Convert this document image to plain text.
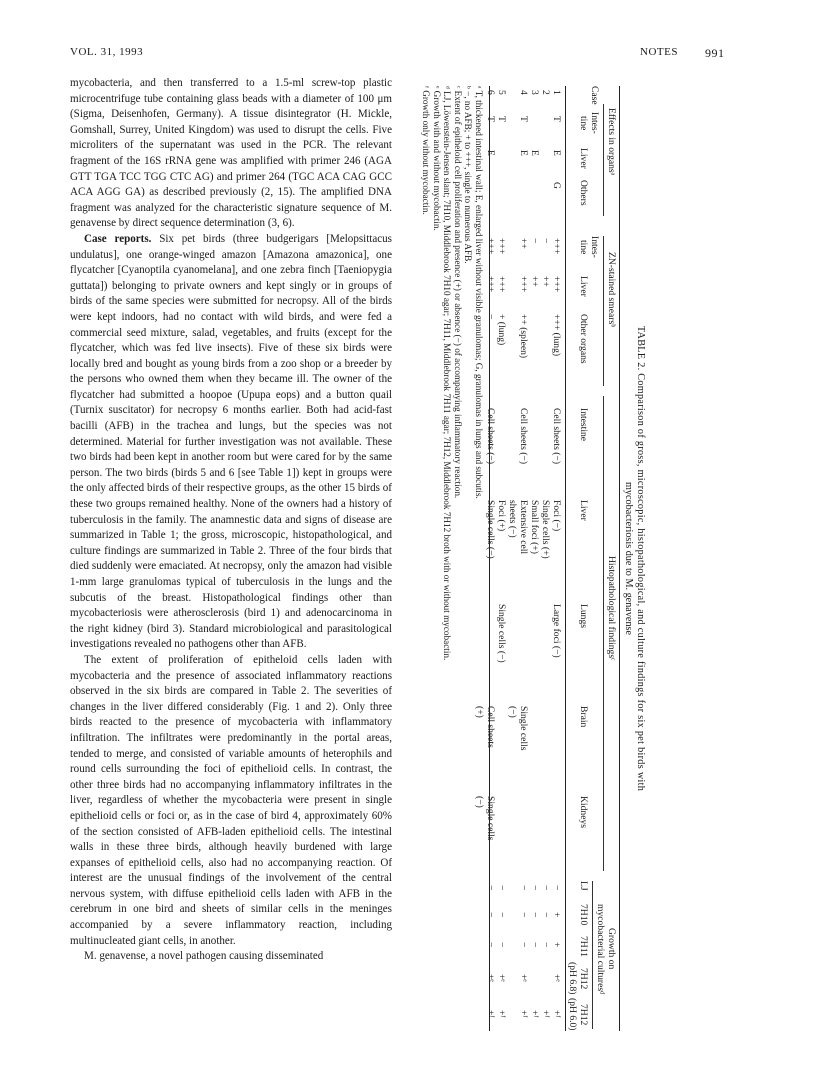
VOL. 31, 1993	NOTES 991

mycobacteria, and then transferred to a 1.5-ml screw-top plastic microcentrifuge tube containing glass beads with a diameter of 100 μm (Sigma, Deisenhofen, Germany). A tissue disintegrator (H. Mickle, Gomshall, Surrey, United Kingdom) was used to disrupt the cells. Five microliters of the supernatant was used in the PCR. The relevant fragment of the 16S rRNA gene was amplified with primer 246 (AGA GTT TGA TCC TGG CTC AG) and primer 264 (TGC ACA CAG GCC ACA AGG GA) as described previously (2, 15). The amplified DNA fragment was analyzed for the characteristic signature sequence of M. genavense by direct sequence determination (3, 6).

Case reports. Six pet birds (three budgerigars [Melopsittacus undulatus], one orange-winged amazon [Amazona amazonica], one flycatcher [Cyanoptila cyanomelana], and one zebra finch [Taeniopygia guttata]) belonging to private owners and kept singly or in groups of birds of the same species were submitted for necropsy. All of the birds were kept indoors, had no contact with wild birds, and were fed a commercial seed mixture, salad, vegetables, and fruits (except for the flycatcher, which was fed live insects). Five of these six birds were locally bred and bought as young birds from a zoo shop or a breeder by the persons who owned them when they became ill. The owner of the flycatcher had submitted a hoopoe (Upupa eops) and a button quail (Turnix suscitator) for necropsy 6 months earlier. Both had acid-fast bacilli (AFB) in the trachea and lungs, but the species was not determined. Material for further investigation was not available. These two birds had been kept in another room but were cared for by the same person. The two birds (birds 5 and 6 [see Table 1]) kept in groups were the only affected birds of their respective groups, as the other 15 birds of these two groups remained healthy. None of the owners had a history of tuberculosis in the family. The anamnestic data and signs of disease are summarized in Table 1; the gross, microscopic, histopathological, and culture findings are summarized in Table 2. Three of the four birds that died suddenly were emaciated. At necropsy, only the amazon had visible 1-mm large granulomas typical of tuberculosis in the lungs and the subcutis of the breast. Histopathological findings other than mycobacteriosis were atherosclerosis (bird 1) and adenocarcinoma in the right kidney (bird 3). Standard microbiological and parasitological investigations revealed no pathogens other than AFB.

The extent of proliferation of epitheloid cells laden with mycobacteria and the presence of associated inflammatory reactions observed in the six birds are compared in Table 2. The severities of changes in the liver differed considerably (Fig. 1 and 2). Only three birds reacted to the presence of mycobacteria with inflammatory infiltration. The infiltrates were predominantly in the portal areas, tended to merge, and consisted of variable amounts of heterophils and round cells surrounding the foci of epithelioid cells. In contrast, the other three birds had no accompanying inflammatory infiltrates in the liver, regardless of whether the mycobacteria were present in single epithelioid cells or foci or, as in the case of bird 4, approximately 60% of the section consisted of AFB-laden epithelioid cells. The intestinal walls in these three birds, although heavily burdened with large expanses of epithelioid cells, also had no accompanying reaction. Of interest are the unusual findings of the involvement of the central nervous system, with diffuse epithelioid cells laden with AFB in the cerebrum in one bird and sheets of similar cells in the meninges accompanied by a severe inflammatory reaction, including multinucleated giant cells, in another.

M. genavense, a novel pathogen causing disseminated

TABLE 2. Comparison of gross, microscopic, histopathological, and culture findings for six pet birds with
mycobacteriosis due to M. genavense
Effects in organsᵃ
ZN-stained smearsᵇ
Histopathological findingsᶜ
Growth on
mycobacterial culturesᵈ
Case
Intes-
tine
Liver
Others
Intes-
tine
Liver
Other organs
Intestine
Liver
Lungs
Brain
Kidneys
LJ
7H10
7H11
7H12
(pH 6.8)
7H12
(pH 6.0)
1
T
E
G
+++
+++
+++ (lung)
Cell sheets (−)
Foci (−)
Large foci (−)
−
+
+
+ᵉ
+ᶠ
2
−
++
Single cells (+)
−
−
−
+ᶠ
3
E
−
++
Small foci (+)
−
−
−
+ᶠ
4
T
E
++
+++
++ (spleen)
Cell sheets (−)
Extensive cell
sheets (−)
Single cells
(−)
−
−
−
+ᵉ
+ᶠ
5
T
+++
+++
+ (lung)
Foci (+)
Single cells (−)
−
−
−
+ᵉ
+ᶠ
6
T
E
+++
+++
−
Cell sheets (−)
Single cells (−)
Cell sheets
(+)
Single cells
(−)
−
−
−
+ᵉ
+ᶠ
ᵃ T, thickened intestinal wall; E, enlarged liver without visible granulomas; G, granulomas in lungs and subcutis.
ᵇ −, no AFB; + to +++, single to numerous AFB.
ᶜ Extent of epitheloid cell proliferation and presence (+) or absence (−) of accompanying inflammatory reaction.
ᵈ LJ, Löwenstein-Jensen slant; 7H10, Middlebrook 7H10 agar; 7H11, Middlebrook 7H11 agar; 7H12, Middlebrook 7H12 broth with or without mycobactin.
ᵉ Growth with and without mycobactin.
ᶠ Growth only without mycobactin.
